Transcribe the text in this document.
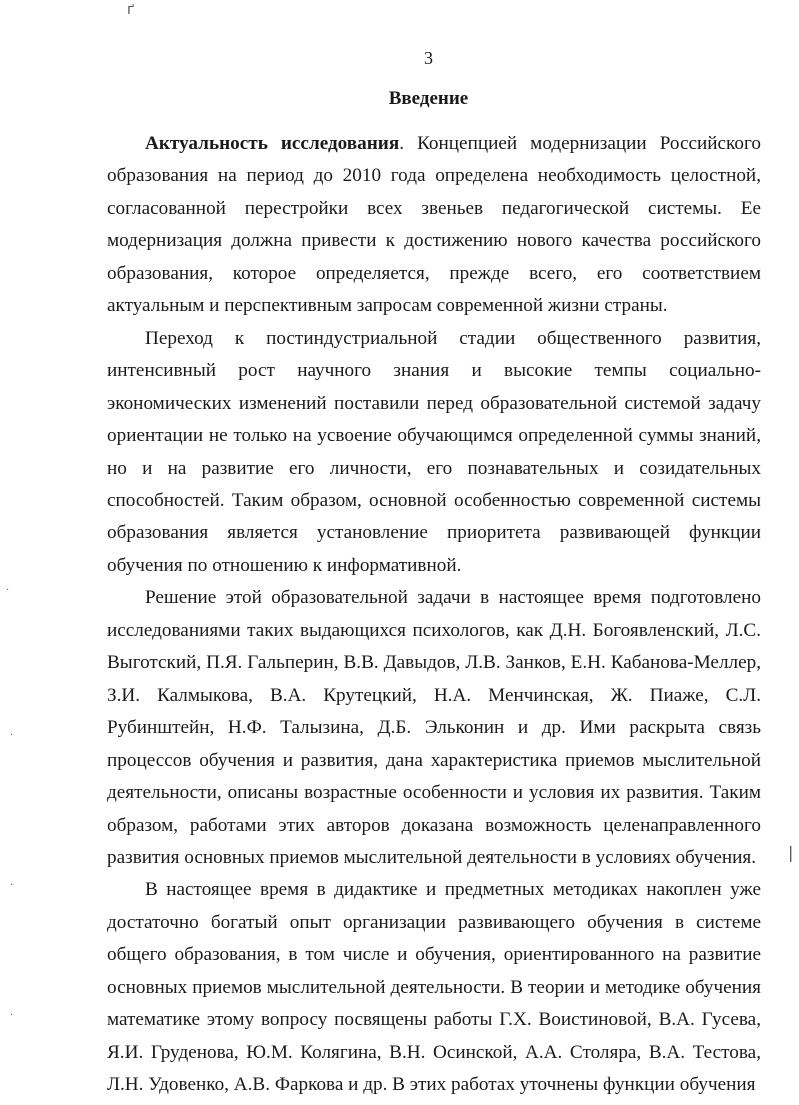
ґ
·
·
·
·
|
3
Введение

Актуальность исследования. Концепцией модернизации Российского образования на период до 2010 года определена необходимость целостной, согласованной перестройки всех звеньев педагогической системы. Ее модернизация должна привести к достижению нового качества российского образования, которое определяется, прежде всего, его соответствием актуальным и перспективным запросам современной жизни страны.

Переход к постиндустриальной стадии общественного развития, интенсивный рост научного знания и высокие темпы социально-экономических изменений поставили перед образовательной системой задачу ориентации не только на усвоение обучающимся определенной суммы знаний, но и на развитие его личности, его познавательных и созидательных способностей. Таким образом, основной особенностью современной системы образования является установление приоритета развивающей функции обучения по отношению к информативной.

Решение этой образовательной задачи в настоящее время подготовлено исследованиями таких выдающихся психологов, как Д.Н. Богоявленский, Л.С. Выготский, П.Я. Гальперин, В.В. Давыдов, Л.В. Занков, Е.Н. Кабанова-Меллер, З.И. Калмыкова, В.А. Крутецкий, Н.А. Менчинская, Ж. Пиаже, С.Л. Рубинштейн, Н.Ф. Талызина, Д.Б. Эльконин и др. Ими раскрыта связь процессов обучения и развития, дана характеристика приемов мыслительной деятельности, описаны возрастные особенности и условия их развития. Таким образом, работами этих авторов доказана возможность целенаправленного развития основных приемов мыслительной деятельности в условиях обучения.

В настоящее время в дидактике и предметных методиках накоплен уже достаточно богатый опыт организации развивающего обучения в системе общего образования, в том числе и обучения, ориентированного на развитие основных приемов мыслительной деятельности. В теории и методике обучения математике этому вопросу посвящены работы Г.Х. Воистиновой, В.А. Гусева, Я.И. Груденова, Ю.М. Колягина, В.Н. Осинской, А.А. Столяра, В.А. Тестова, Л.Н. Удовенко, А.В. Фаркова и др. В этих работах уточнены функции обучения
